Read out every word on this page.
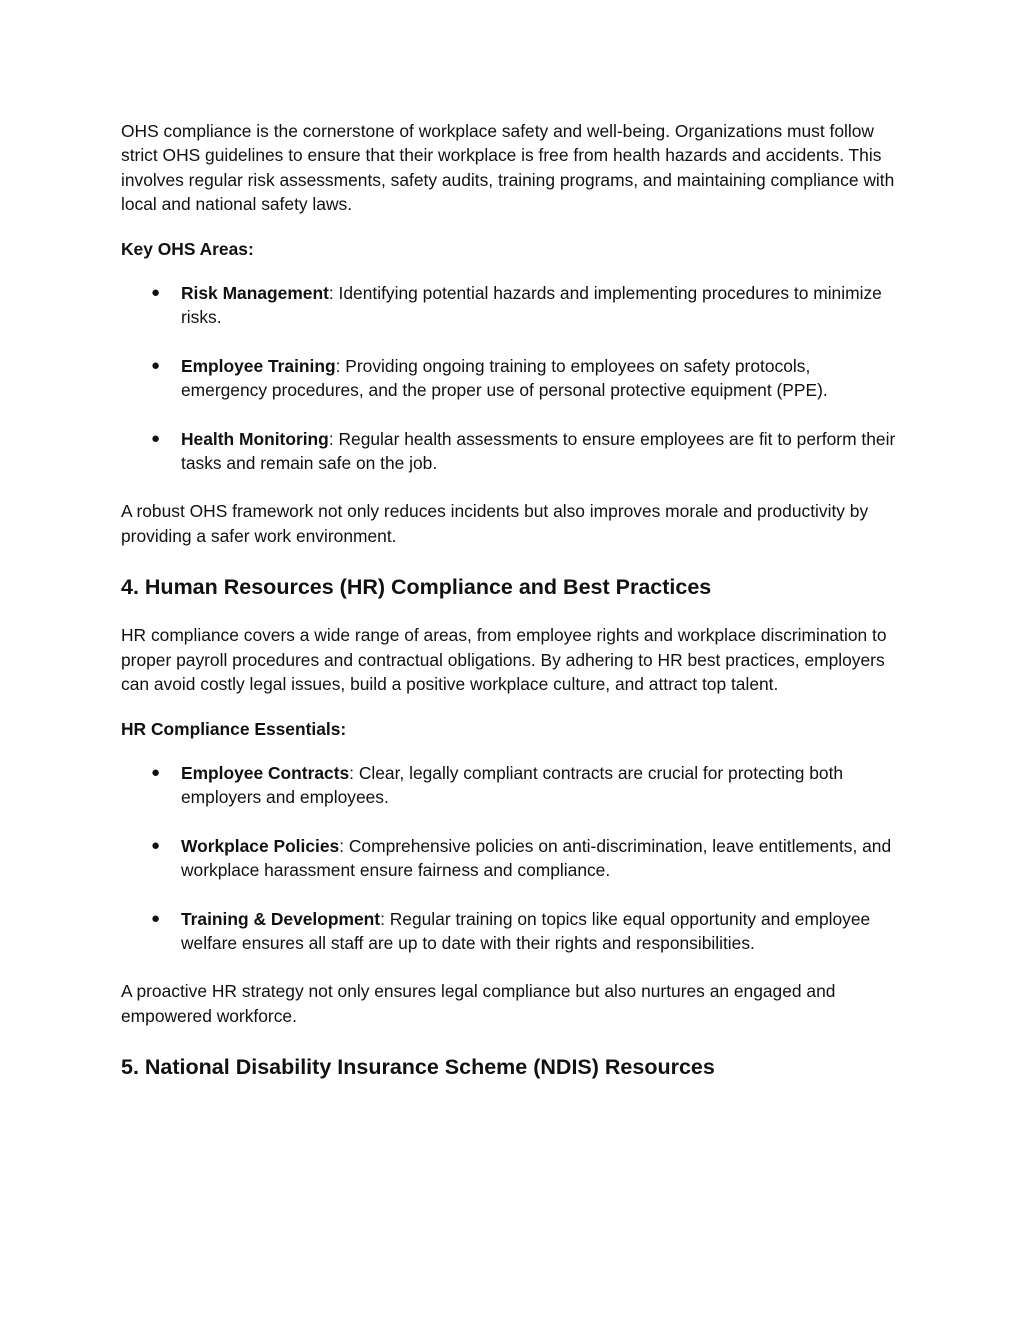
OHS compliance is the cornerstone of workplace safety and well-being. Organizations must follow strict OHS guidelines to ensure that their workplace is free from health hazards and accidents. This involves regular risk assessments, safety audits, training programs, and maintaining compliance with local and national safety laws.

Key OHS Areas:

● Risk Management: Identifying potential hazards and implementing procedures to minimize risks.
● Employee Training: Providing ongoing training to employees on safety protocols, emergency procedures, and the proper use of personal protective equipment (PPE).
● Health Monitoring: Regular health assessments to ensure employees are fit to perform their tasks and remain safe on the job.

A robust OHS framework not only reduces incidents but also improves morale and productivity by providing a safer work environment.

4. Human Resources (HR) Compliance and Best Practices

HR compliance covers a wide range of areas, from employee rights and workplace discrimination to proper payroll procedures and contractual obligations. By adhering to HR best practices, employers can avoid costly legal issues, build a positive workplace culture, and attract top talent.

HR Compliance Essentials:

● Employee Contracts: Clear, legally compliant contracts are crucial for protecting both employers and employees.
● Workplace Policies: Comprehensive policies on anti-discrimination, leave entitlements, and workplace harassment ensure fairness and compliance.
● Training & Development: Regular training on topics like equal opportunity and employee welfare ensures all staff are up to date with their rights and responsibilities.

A proactive HR strategy not only ensures legal compliance but also nurtures an engaged and empowered workforce.

5. National Disability Insurance Scheme (NDIS) Resources
